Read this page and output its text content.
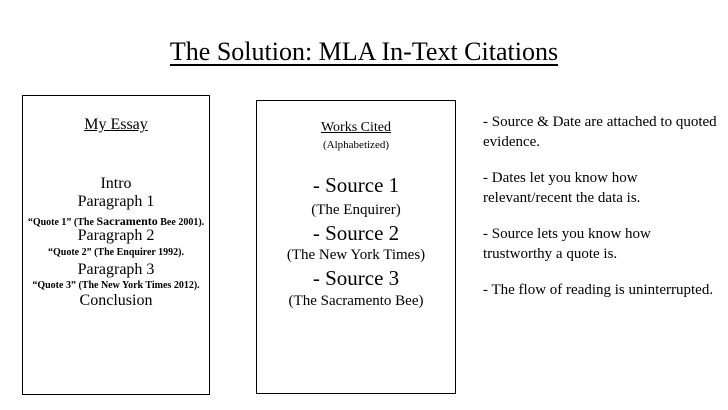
The Solution: MLA In-Text Citations
My Essay
Intro
Paragraph 1
“Quote 1” (The Sacramento Bee 2001).
Paragraph 2
“Quote 2” (The Enquirer 1992).
Paragraph 3
“Quote 3” (The New York Times 2012).
Conclusion
Works Cited
(Alphabetized)
- Source 1
(The Enquirer)
- Source 2
(The New York Times)
- Source 3
(The Sacramento Bee)

- Source & Date are attached to quoted evidence.

- Dates let you know how relevant/recent the data is.

- Source lets you know how trustworthy a quote is.

- The flow of reading is uninterrupted.
